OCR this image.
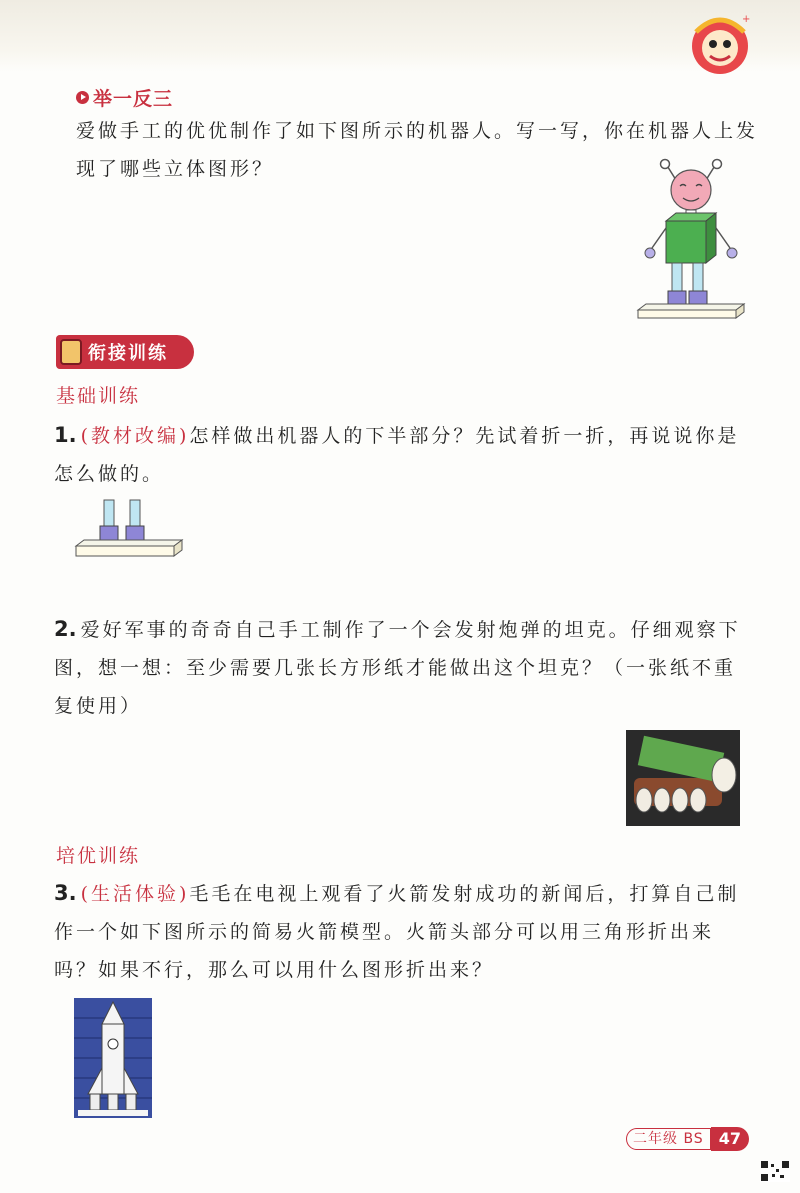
+
举一反三

爱做手工的优优制作了如下图所示的机器人。写一写，你在机器人上发现了哪些立体图形？

衔接训练
基础训练
1. (教材改编)怎样做出机器人的下半部分？先试着折一折，再说说你是怎么做的。
2. 爱好军事的奇奇自己手工制作了一个会发射炮弹的坦克。仔细观察下图，想一想：至少需要几张长方形纸才能做出这个坦克？（一张纸不重复使用）
培优训练
3. (生活体验)毛毛在电视上观看了火箭发射成功的新闻后，打算自己制作一个如下图所示的简易火箭模型。火箭头部分可以用三角形折出来吗？如果不行，那么可以用什么图形折出来？
二年级 BS 47
